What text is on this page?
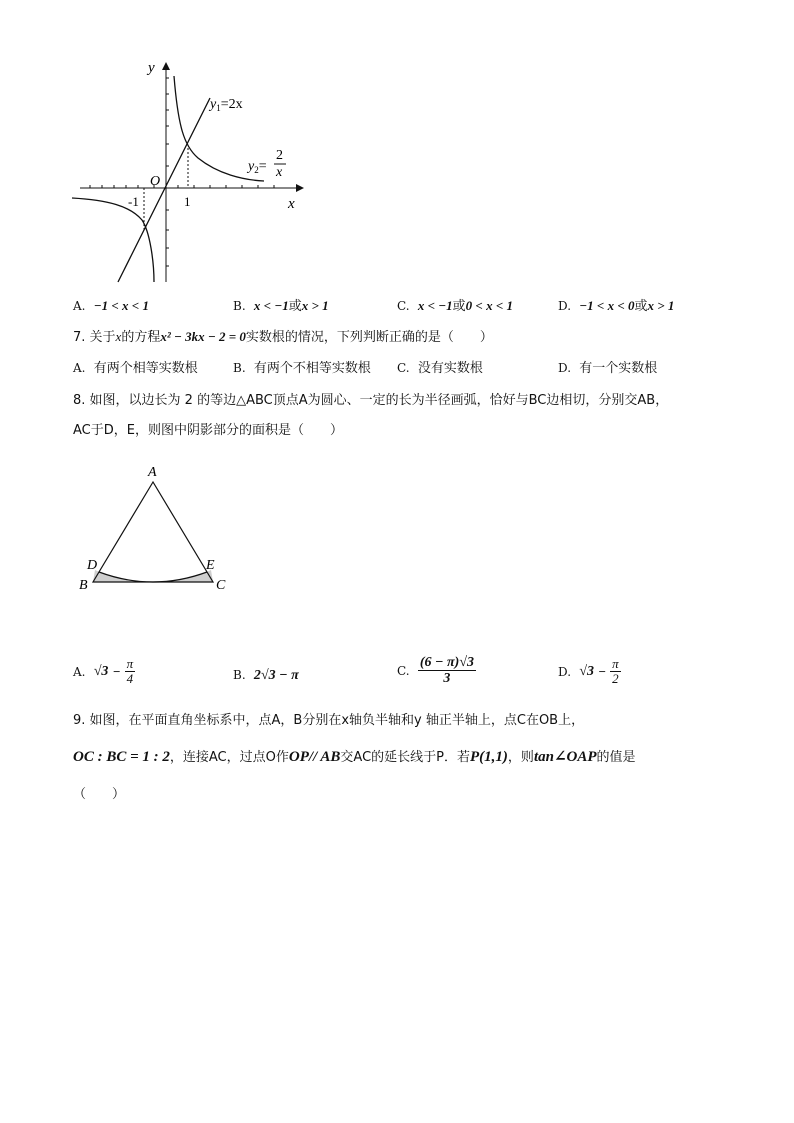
y
x
O
-1	1
$y_1=2x$
$y_2=$
2
x
A. −1 < x < 1	B. x < −1或x > 1	C. x < −1或0 < x < 1	D. −1 < x < 0或x > 1
7. 关于x的方程x² − 3kx − 2 = 0实数根的情况，下列判断正确的是（　　）
A. 有两个相等实数根	B. 有两个不相等实数根 C. 没有实数根	D. 有一个实数根
8. 如图，以边长为 2 的等边△ABC顶点A为圆心、一定的长为半径画弧，恰好与BC边相切，分别交AB，
AC于D，E，则图中阴影部分的面积是（　　）
A
B	C
D	E
A. $√3 - \frac{\pi}{4}$	B. 2√3 − π	C. $\frac{(6 - \pi)√3}{3}$	D. $√3 - \frac{\pi}{2}$
9. 如图，在平面直角坐标系中，点A，B分别在x轴负半轴和y 轴正半轴上，点C在OB上，
OC : BC = 1 : 2，连接AC，过点O作OP// AB交AC的延长线于P．若P(1,1)，则tan∠OAP的值是
（　　）
